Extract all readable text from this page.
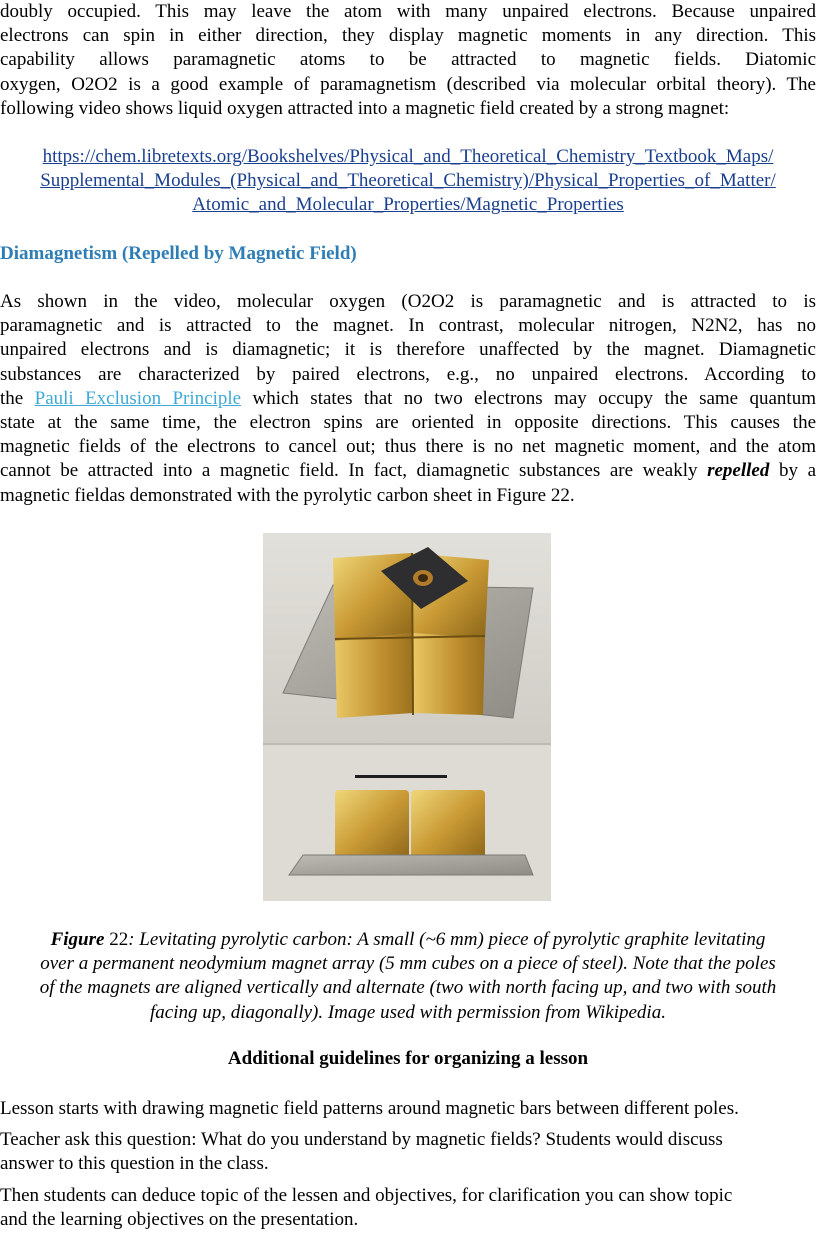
doubly occupied. This may leave the atom with many unpaired electrons. Because unpaired
electrons can spin in either direction, they display magnetic moments in any direction. This
capability allows paramagnetic atoms to be attracted to magnetic fields. Diatomic
oxygen, O2O2 is a good example of paramagnetism (described via molecular orbital theory). The
following video shows liquid oxygen attracted into a magnetic field created by a strong magnet:
https://chem.libretexts.org/Bookshelves/Physical_and_Theoretical_Chemistry_Textbook_Maps/
Supplemental_Modules_(Physical_and_Theoretical_Chemistry)/Physical_Properties_of_Matter/
Atomic_and_Molecular_Properties/Magnetic_Properties
Diamagnetism (Repelled by Magnetic Field)
As shown in the video, molecular oxygen (O2O2 is paramagnetic and is attracted to is
paramagnetic and is attracted to the magnet. In contrast, molecular nitrogen, N2N2, has no
unpaired electrons and is diamagnetic; it is therefore unaffected by the magnet. Diamagnetic
substances are characterized by paired electrons, e.g., no unpaired electrons. According to
the Pauli Exclusion Principle which states that no two electrons may occupy the same quantum
state at the same time, the electron spins are oriented in opposite directions. This causes the
magnetic fields of the electrons to cancel out; thus there is no net magnetic moment, and the atom
cannot be attracted into a magnetic field. In fact, diamagnetic substances are weakly repelled by a
magnetic fieldas demonstrated with the pyrolytic carbon sheet in Figure 22.
Figure 22: Levitating pyrolytic carbon: A small (~6 mm) piece of pyrolytic graphite levitating
over a permanent neodymium magnet array (5 mm cubes on a piece of steel). Note that the poles
of the magnets are aligned vertically and alternate (two with north facing up, and two with south
facing up, diagonally). Image used with permission from Wikipedia.
Additional guidelines for organizing a lesson
Lesson starts with drawing magnetic field patterns around magnetic bars between different poles.
Teacher ask this question: What do you understand by magnetic fields? Students would discuss
answer to this question in the class.
Then students can deduce topic of the lessen and objectives, for clarification you can show topic
and the learning objectives on the presentation.
